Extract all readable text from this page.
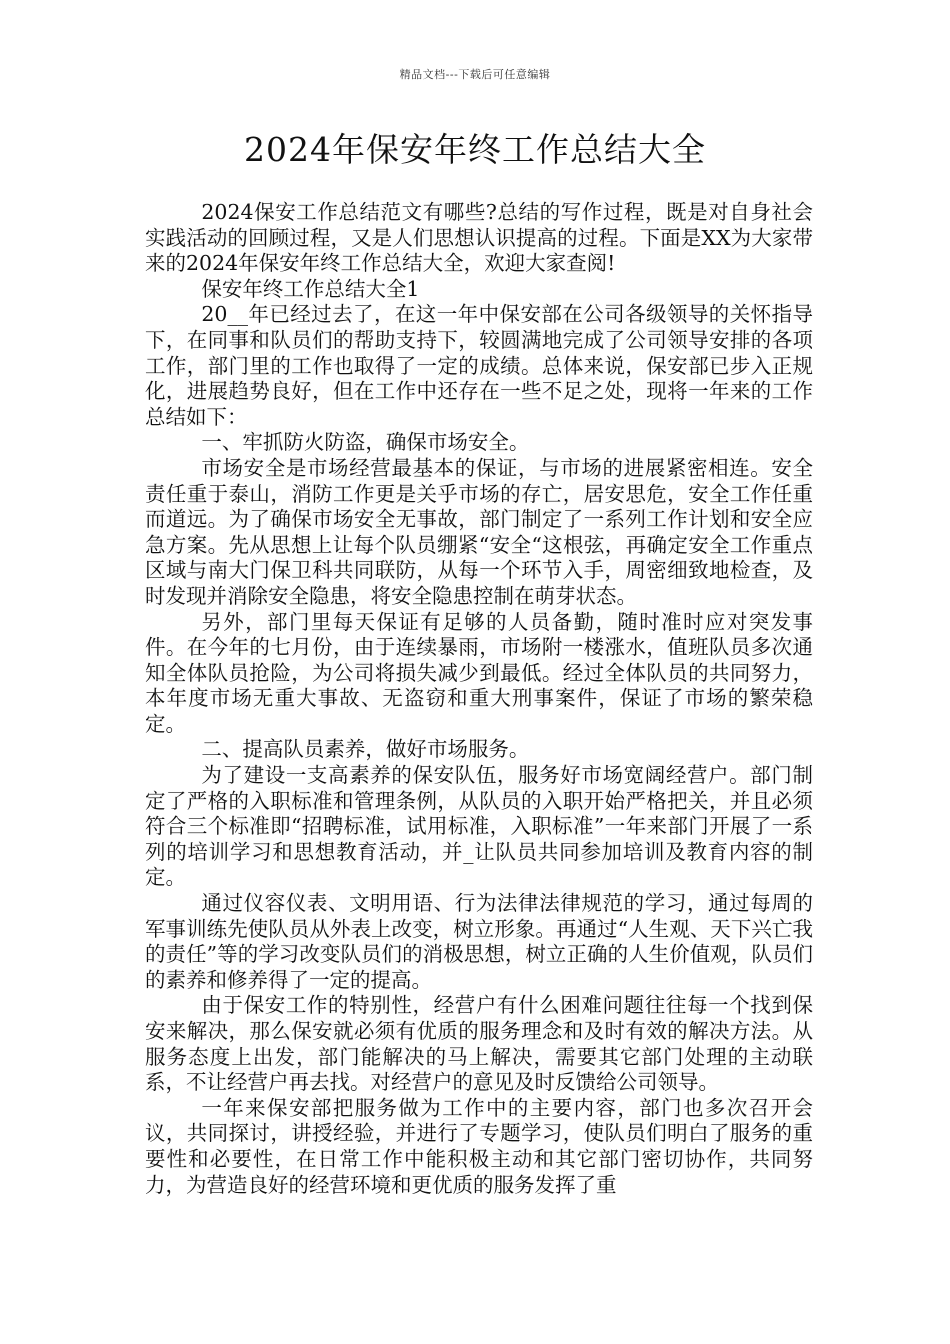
精品文档---下载后可任意编辑
2024年保安年终工作总结大全

2024保安工作总结范文有哪些?总结的写作过程，既是对自身社会实践活动的回顾过程，又是人们思想认识提高的过程。下面是XX为大家带来的2024年保安年终工作总结大全，欢迎大家查阅!

保安年终工作总结大全1

20__年已经过去了，在这一年中保安部在公司各级领导的关怀指导下，在同事和队员们的帮助支持下，较圆满地完成了公司领导安排的各项工作，部门里的工作也取得了一定的成绩。总体来说，保安部已步入正规化，进展趋势良好，但在工作中还存在一些不足之处，现将一年来的工作总结如下：

一、牢抓防火防盗，确保市场安全。

市场安全是市场经营最基本的保证，与市场的进展紧密相连。安全责任重于泰山，消防工作更是关乎市场的存亡，居安思危，安全工作任重而道远。为了确保市场安全无事故，部门制定了一系列工作计划和安全应急方案。先从思想上让每个队员绷紧“安全“这根弦，再确定安全工作重点区域与南大门保卫科共同联防，从每一个环节入手，周密细致地检查，及时发现并消除安全隐患，将安全隐患控制在萌芽状态。

另外，部门里每天保证有足够的人员备勤，随时准时应对突发事件。在今年的七月份，由于连续暴雨，市场附一楼涨水，值班队员多次通知全体队员抢险，为公司将损失减少到最低。经过全体队员的共同努力，本年度市场无重大事故、无盗窃和重大刑事案件，保证了市场的繁荣稳定。

二、提高队员素养，做好市场服务。

为了建设一支高素养的保安队伍，服务好市场宽阔经营户。部门制定了严格的入职标准和管理条例，从队员的入职开始严格把关，并且必须符合三个标准即“招聘标准，试用标准，入职标准”一年来部门开展了一系列的培训学习和思想教育活动，并_让队员共同参加培训及教育内容的制定。

通过仪容仪表、文明用语、行为法律法律规范的学习，通过每周的军事训练先使队员从外表上改变，树立形象。再通过“人生观、天下兴亡我的责任”等的学习改变队员们的消极思想，树立正确的人生价值观，队员们的素养和修养得了一定的提高。

由于保安工作的特别性，经营户有什么困难问题往往每一个找到保安来解决，那么保安就必须有优质的服务理念和及时有效的解决方法。从服务态度上出发，部门能解决的马上解决，需要其它部门处理的主动联系，不让经营户再去找。对经营户的意见及时反馈给公司领导。

一年来保安部把服务做为工作中的主要内容，部门也多次召开会议，共同探讨，讲授经验，并进行了专题学习，使队员们明白了服务的重要性和必要性，在日常工作中能积极主动和其它部门密切协作，共同努力，为营造良好的经营环境和更优质的服务发挥了重
